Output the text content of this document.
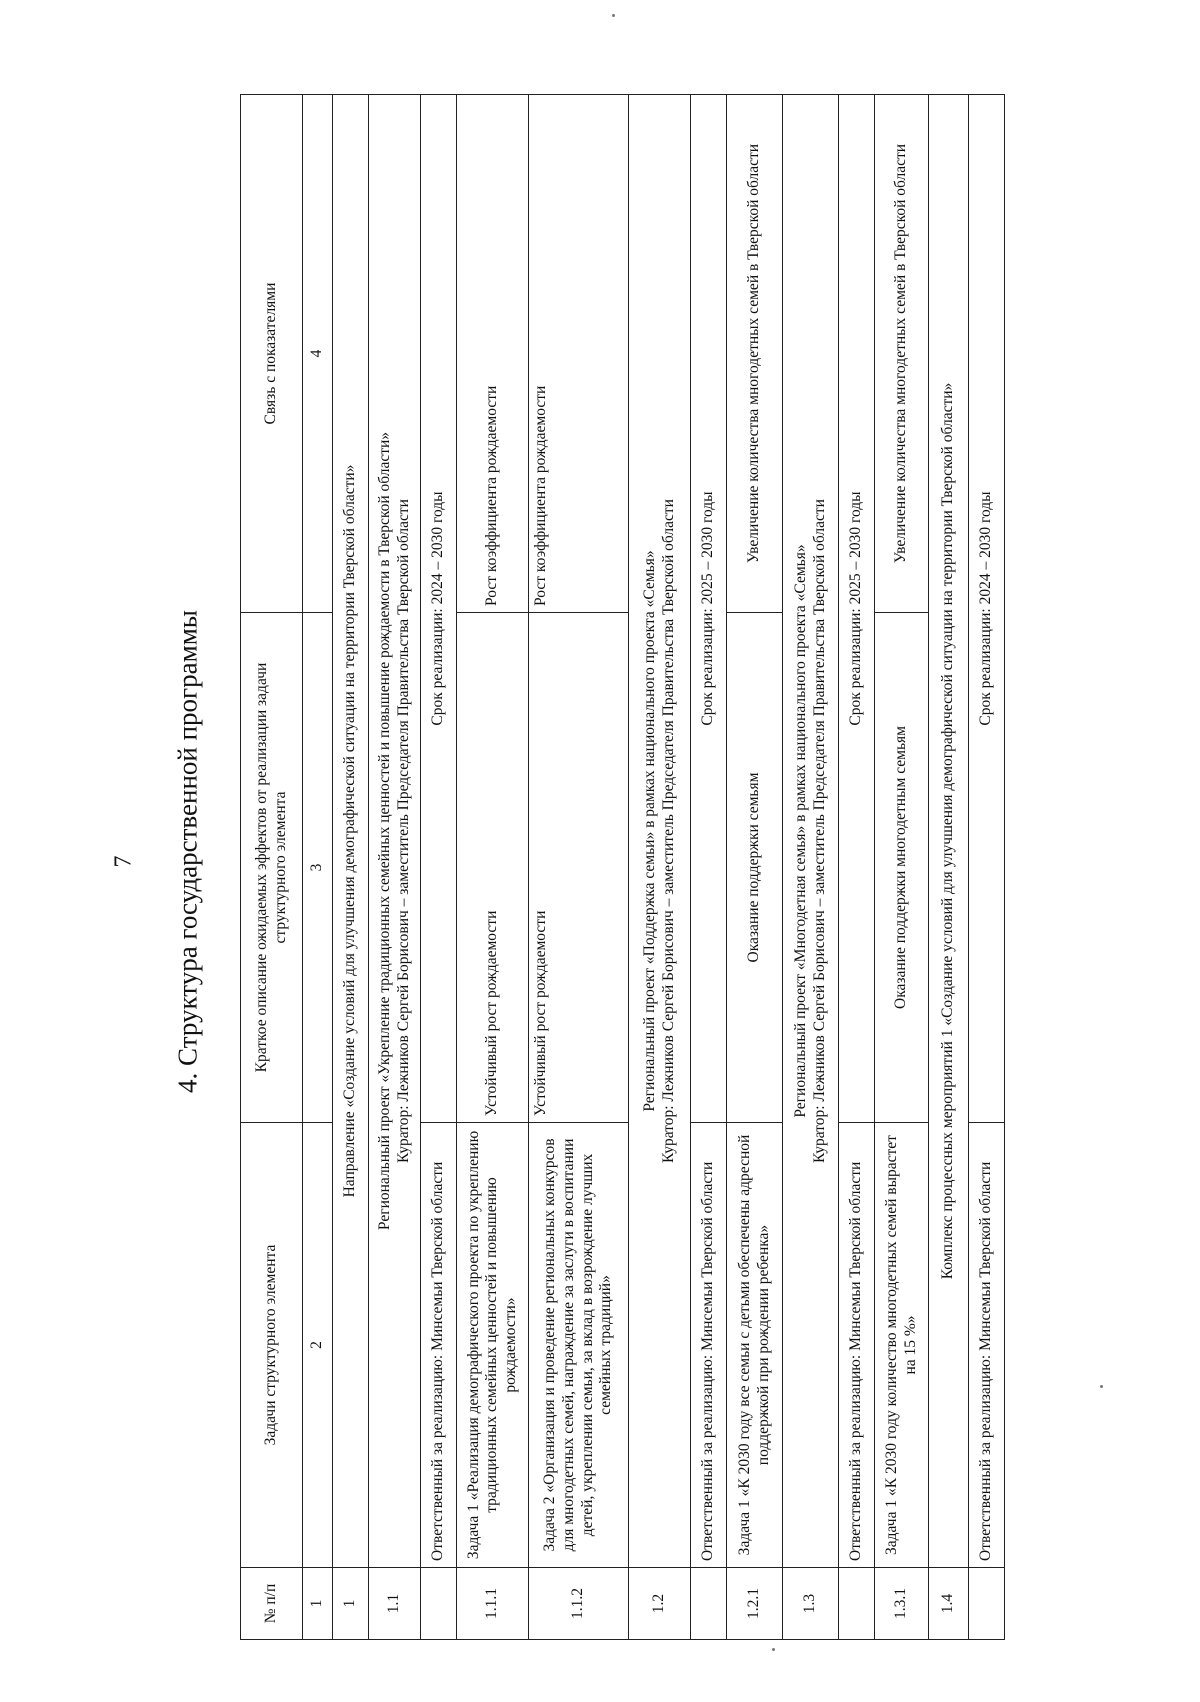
7 4. Структура государственной программы
№ п/п	Задачи структурного элемента	Краткое описание ожидаемых эффектов от реализации задачи структурного элемента	Связь с показателями
1	2	3	4
1	Направление «Создание условий для улучшения демографической ситуации на территории Тверской области»		
1.1	Региональный проект «Укрепление традиционных семейных ценностей и повышение рождаемости в Тверской области» Куратор: Лежников Сергей Борисович – заместитель Председателя Правительства Тверской области		

	Ответственный за реализацию: Минсемьи Тверской области	Срок реализации: 2024 – 2030 годы	
1.1.1	Задача 1 «Реализация демографического проекта по укреплению традиционных семейных ценностей и повышению рождаемости»	Устойчивый рост рождаемости	Рост коэффициента рождаемости
1.1.2	Задача 2 «Организация и проведение региональных конкурсов для многодетных семей, награждение за заслуги в воспитании детей, укреплении семьи, за вклад в возрождение лучших семейных традиций»	Устойчивый рост рождаемости	Рост коэффициента рождаемости
1.2	Региональный проект «Поддержка семьи» в рамках национального проекта «Семья» Куратор: Лежников Сергей Борисович – заместитель Председателя Правительства Тверской области		

	Ответственный за реализацию: Минсемьи Тверской области	Срок реализации: 2025 – 2030 годы	
1.2.1	Задача 1 «К 2030 году все семьи с детьми обеспечены адресной поддержкой при рождении ребенка»	Оказание поддержки семьям	Увеличение количества многодетных семей в Тверской области
1.3	Региональный проект «Многодетная семья» в рамках национального проекта «Семья» Куратор: Лежников Сергей Борисович – заместитель Председателя Правительства Тверской области		

	Ответственный за реализацию: Минсемьи Тверской области	Срок реализации: 2025 – 2030 годы	
1.3.1	Задача 1 «К 2030 году количество многодетных семей вырастет на 15 %»	Оказание поддержки многодетным семьям	Увеличение количества многодетных семей в Тверской области
1.4	Комплекс процессных мероприятий 1 «Создание условий для улучшения демографической ситуации на территории Тверской области»		
	Ответственный за реализацию: Минсемьи Тверской области	Срок реализации: 2024 – 2030 годы	
